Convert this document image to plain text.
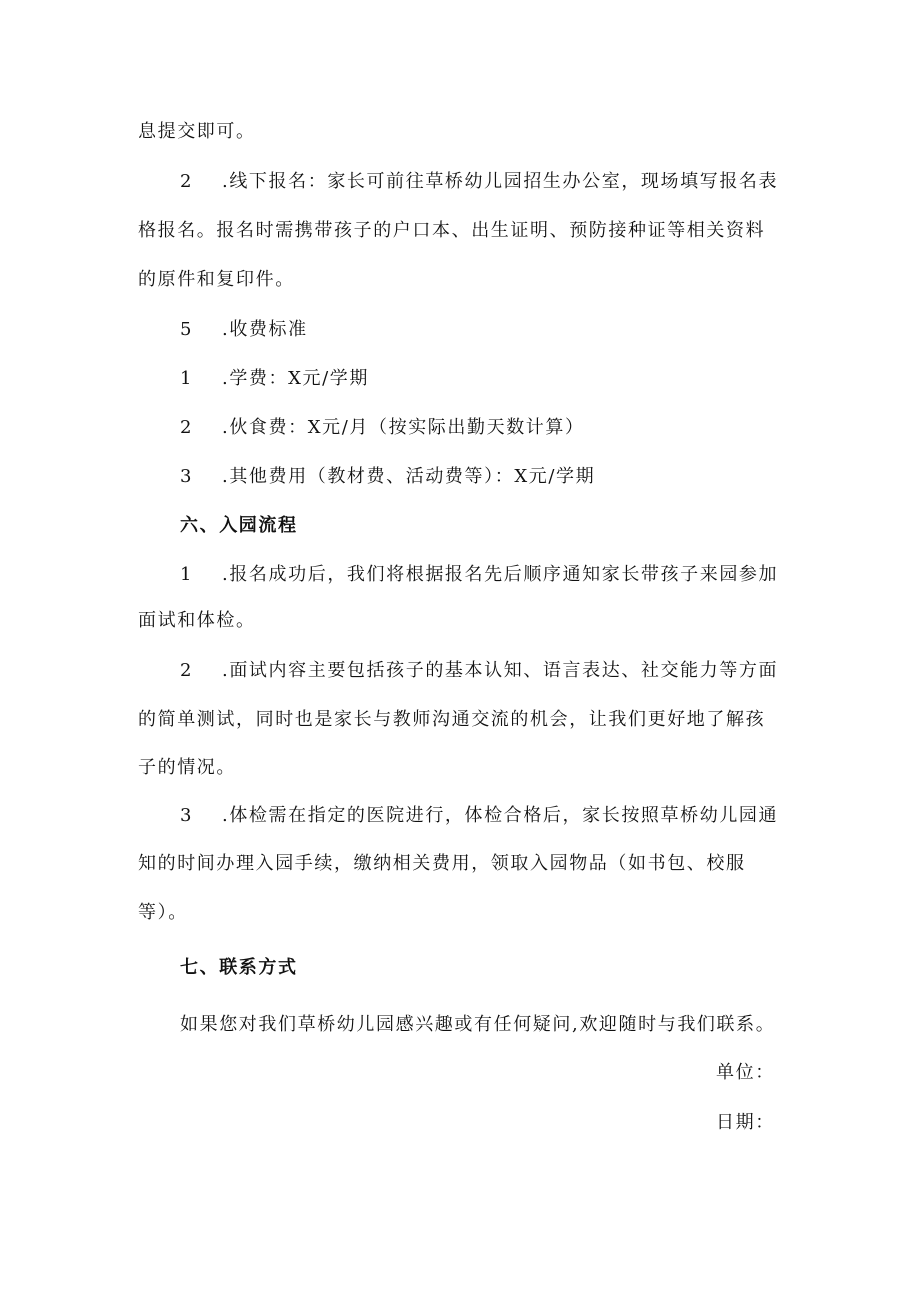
息提交即可。
2 .线下报名：家长可前往草桥幼儿园招生办公室，现场填写报名表
格报名。报名时需携带孩子的户口本、出生证明、预防接种证等相关资料
的原件和复印件。
5 .收费标准
1 .学费：X元/学期
2 .伙食费：X元/月（按实际出勤天数计算）
3 .其他费用（教材费、活动费等）：X元/学期
六、入园流程
1 .报名成功后，我们将根据报名先后顺序通知家长带孩子来园参加
面试和体检。
2 .面试内容主要包括孩子的基本认知、语言表达、社交能力等方面
的简单测试，同时也是家长与教师沟通交流的机会，让我们更好地了解孩
子的情况。
3 .体检需在指定的医院进行，体检合格后，家长按照草桥幼儿园通
知的时间办理入园手续，缴纳相关费用，领取入园物品（如书包、校服
等）。
七、联系方式
如果您对我们草桥幼儿园感兴趣或有任何疑问,欢迎随时与我们联系。
单位：
日期：
